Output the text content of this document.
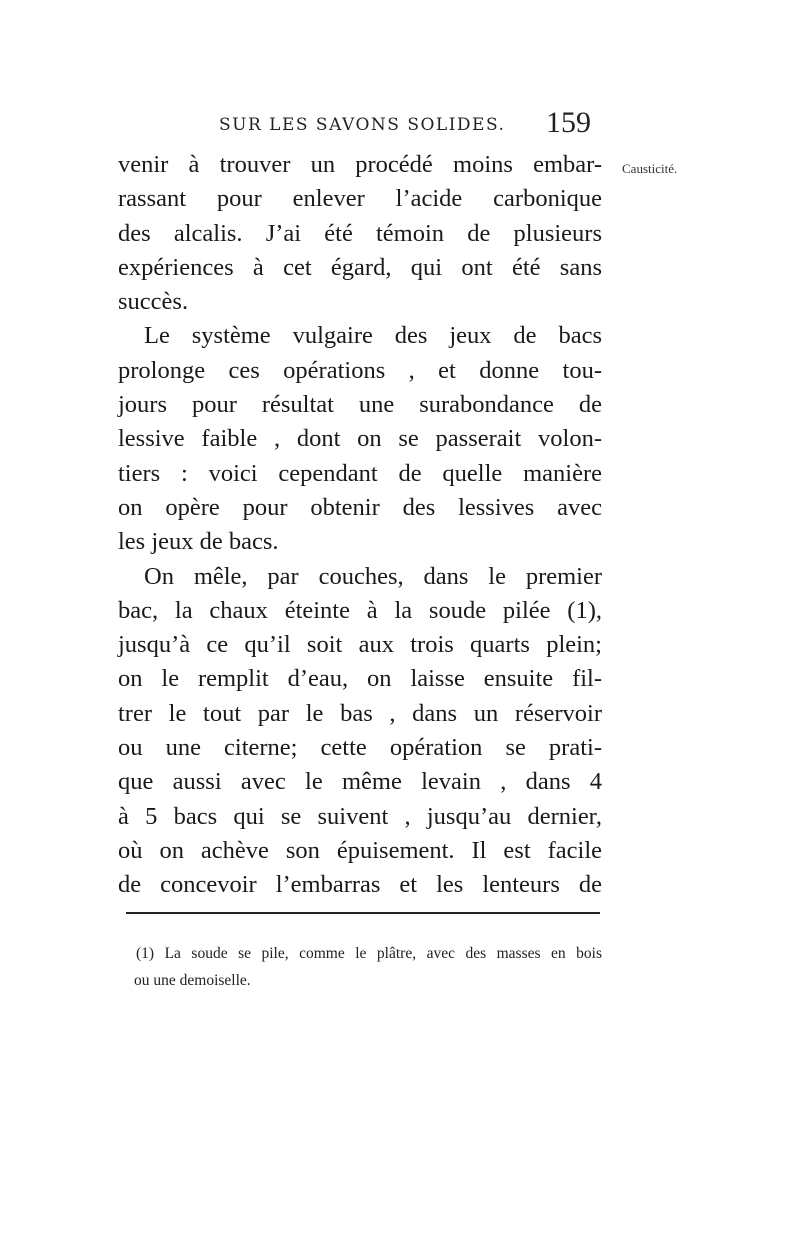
SUR LES SAVONS SOLIDES. 159
Causticité.
venir à trouver un procédé moins embar-
rassant pour enlever l’acide carbonique
des alcalis. J’ai été témoin de plusieurs
expériences à cet égard, qui ont été sans
succès.
Le système vulgaire des jeux de bacs
prolonge ces opérations , et donne tou-
jours pour résultat une surabondance de
lessive faible , dont on se passerait volon-
tiers : voici cependant de quelle manière
on opère pour obtenir des lessives avec
les jeux de bacs.
On mêle, par couches, dans le premier
bac, la chaux éteinte à la soude pilée (1),
jusqu’à ce qu’il soit aux trois quarts plein;
on le remplit d’eau, on laisse ensuite fil-
trer le tout par le bas , dans un réservoir
ou une citerne; cette opération se prati-
que aussi avec le même levain , dans 4
à 5 bacs qui se suivent , jusqu’au dernier,
où on achève son épuisement. Il est facile
de concevoir l’embarras et les lenteurs de
(1) La soude se pile, comme le plâtre, avec des masses en bois
ou une demoiselle.
